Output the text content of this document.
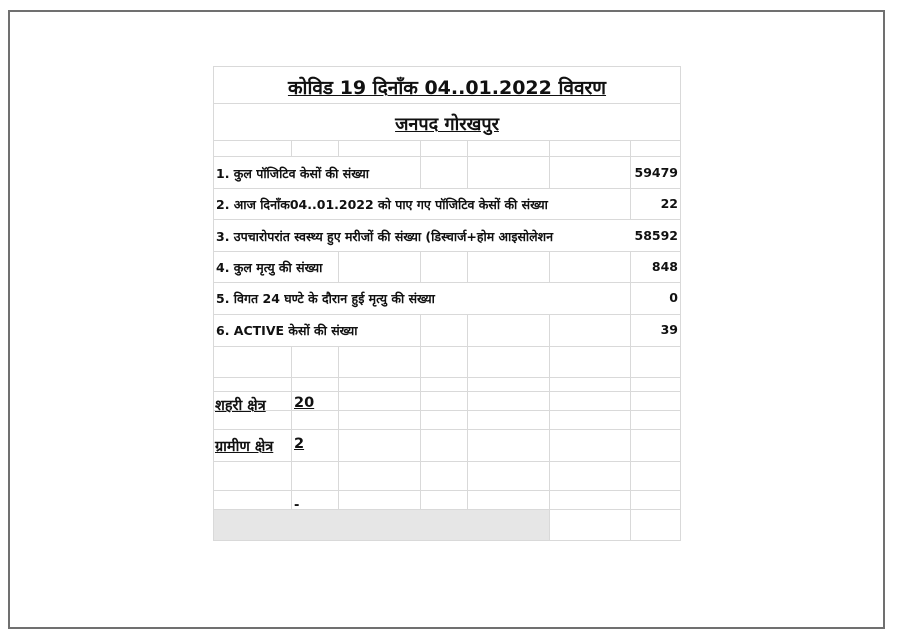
कोविड 19 दिनाँक 04..01.2022 विवरण
जनपद गोरखपुर
1. कुल पॉजिटिव केसों की संख्या	59479
2. आज दिनाँक04..01.2022 को पाए गए पॉजिटिव केसों की संख्या	22
3. उपचारोपरांत स्वस्थ्य हुए मरीजों की संख्या (डिस्चार्ज+होम आइसोलेशन	58592
4. कुल मृत्यु की संख्या	848
5. विगत 24 घण्टे के दौरान हुई मृत्यु की संख्या	0
6. ACTIVE केसों की संख्या	39
शहरी क्षेत्र 20
ग्रामीण क्षेत्र 2
-
